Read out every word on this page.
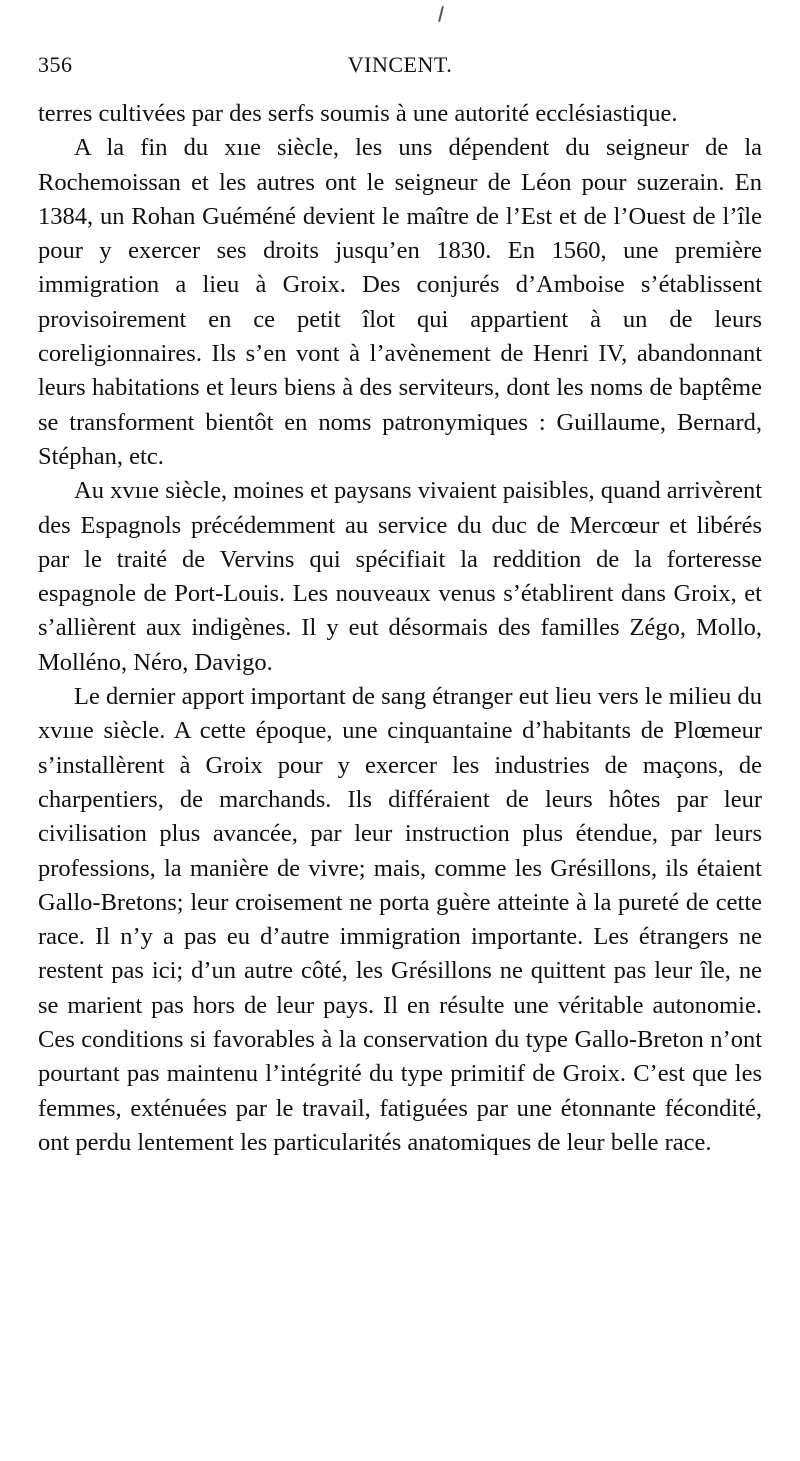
356	VINCENT.

terres cultivées par des serfs soumis à une autorité ecclésiastique.

A la fin du xııe siècle, les uns dépendent du seigneur de la Rochemoissan et les autres ont le seigneur de Léon pour suzerain. En 1384, un Rohan Guéméné devient le maître de l’Est et de l’Ouest de l’île pour y exercer ses droits jusqu’en 1830. En 1560, une première immigration a lieu à Groix. Des conjurés d’Amboise s’établissent provisoirement en ce petit îlot qui appartient à un de leurs coreligionnaires. Ils s’en vont à l’avènement de Henri IV, abandonnant leurs habitations et leurs biens à des serviteurs, dont les noms de baptême se transforment bientôt en noms patronymiques : Guillaume, Bernard, Stéphan, etc.

Au xvııe siècle, moines et paysans vivaient paisibles, quand arrivèrent des Espagnols précédemment au service du duc de Mercœur et libérés par le traité de Vervins qui spécifiait la reddition de la forteresse espagnole de Port-Louis. Les nouveaux venus s’établirent dans Groix, et s’allièrent aux indigènes. Il y eut désormais des familles Zégo, Mollo, Molléno, Néro, Davigo.

Le dernier apport important de sang étranger eut lieu vers le milieu du xvıııe siècle. A cette époque, une cinquantaine d’habitants de Plœmeur s’installèrent à Groix pour y exercer les industries de maçons, de charpentiers, de marchands. Ils différaient de leurs hôtes par leur civilisation plus avancée, par leur instruction plus étendue, par leurs professions, la manière de vivre; mais, comme les Grésillons, ils étaient Gallo-Bretons; leur croisement ne porta guère atteinte à la pureté de cette race. Il n’y a pas eu d’autre immigration importante. Les étrangers ne restent pas ici; d’un autre côté, les Grésillons ne quittent pas leur île, ne se marient pas hors de leur pays. Il en résulte une véritable autonomie. Ces conditions si favorables à la conservation du type Gallo-Breton n’ont pourtant pas maintenu l’intégrité du type primitif de Groix. C’est que les femmes, exténuées par le travail, fatiguées par une étonnante fécondité, ont perdu lentement les particularités anatomiques de leur belle race.
